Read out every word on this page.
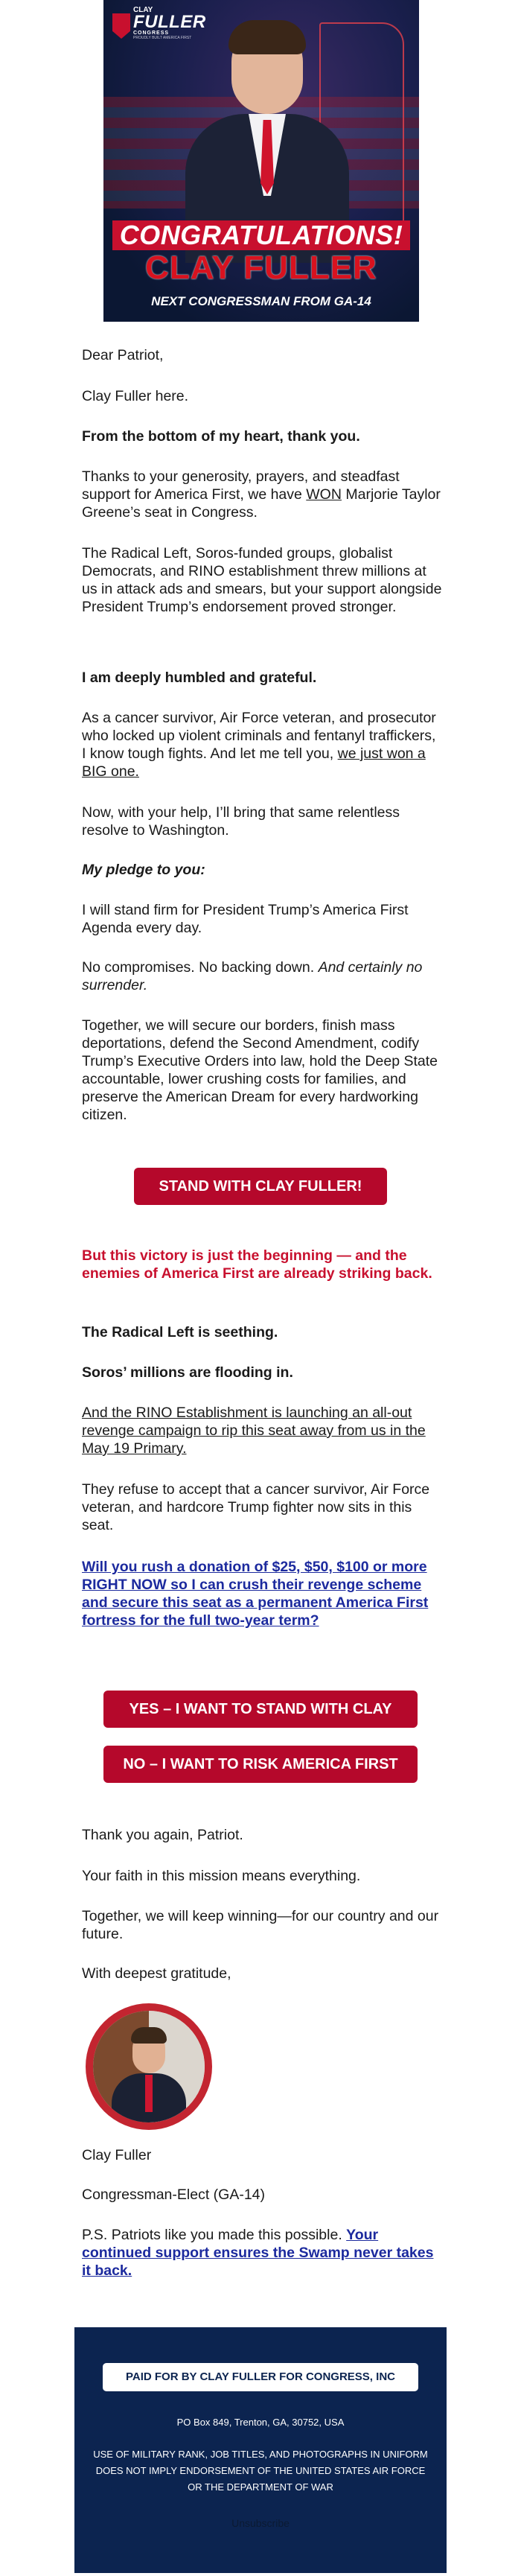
CLAY
FULLER
CONGRESS
PROUDLY BUILT AMERICA FIRST
CONGRATULATIONS!
CLAY FULLER
NEXT CONGRESSMAN FROM GA-14

Dear Patriot,

Clay Fuller here.

From the bottom of my heart, thank you.

Thanks to your generosity, prayers, and steadfast support for America First, we have WON Marjorie Taylor Greene’s seat in Congress.

The Radical Left, Soros-funded groups, globalist Democrats, and RINO establishment threw millions at us in attack ads and smears, but your support alongside President Trump’s endorsement proved stronger.

I am deeply humbled and grateful.

As a cancer survivor, Air Force veteran, and prosecutor who locked up violent criminals and fentanyl traffickers, I know tough fights. And let me tell you, we just won a BIG one.

Now, with your help, I’ll bring that same relentless resolve to Washington.

My pledge to you:

I will stand firm for President Trump’s America First Agenda every day.

No compromises. No backing down. And certainly no surrender.

Together, we will secure our borders, finish mass deportations, defend the Second Amendment, codify Trump’s Executive Orders into law, hold the Deep State accountable, lower crushing costs for families, and preserve the American Dream for every hardworking citizen.

STAND WITH CLAY FULLER!

But this victory is just the beginning — and the enemies of America First are already striking back.

The Radical Left is seething.

Soros’ millions are flooding in.

And the RINO Establishment is launching an all-out revenge campaign to rip this seat away from us in the May 19 Primary.

They refuse to accept that a cancer survivor, Air Force veteran, and hardcore Trump fighter now sits in this seat.

Will you rush a donation of $25, $50, $100 or more RIGHT NOW so I can crush their revenge scheme and secure this seat as a permanent America First fortress for the full two-year term?

YES – I WANT TO STAND WITH CLAY
NO – I WANT TO RISK AMERICA FIRST

Thank you again, Patriot.

Your faith in this mission means everything.

Together, we will keep winning—for our country and our future.

With deepest gratitude,

Clay Fuller

Congressman-Elect (GA-14)

P.S. Patriots like you made this possible. Your continued support ensures the Swamp never takes it back.

PAID FOR BY CLAY FULLER FOR CONGRESS, INC
PO Box 849, Trenton, GA, 30752, USA
USE OF MILITARY RANK, JOB TITLES, AND PHOTOGRAPHS IN UNIFORM DOES NOT IMPLY ENDORSEMENT OF THE UNITED STATES AIR FORCE OR THE DEPARTMENT OF WAR
Unsubscribe
